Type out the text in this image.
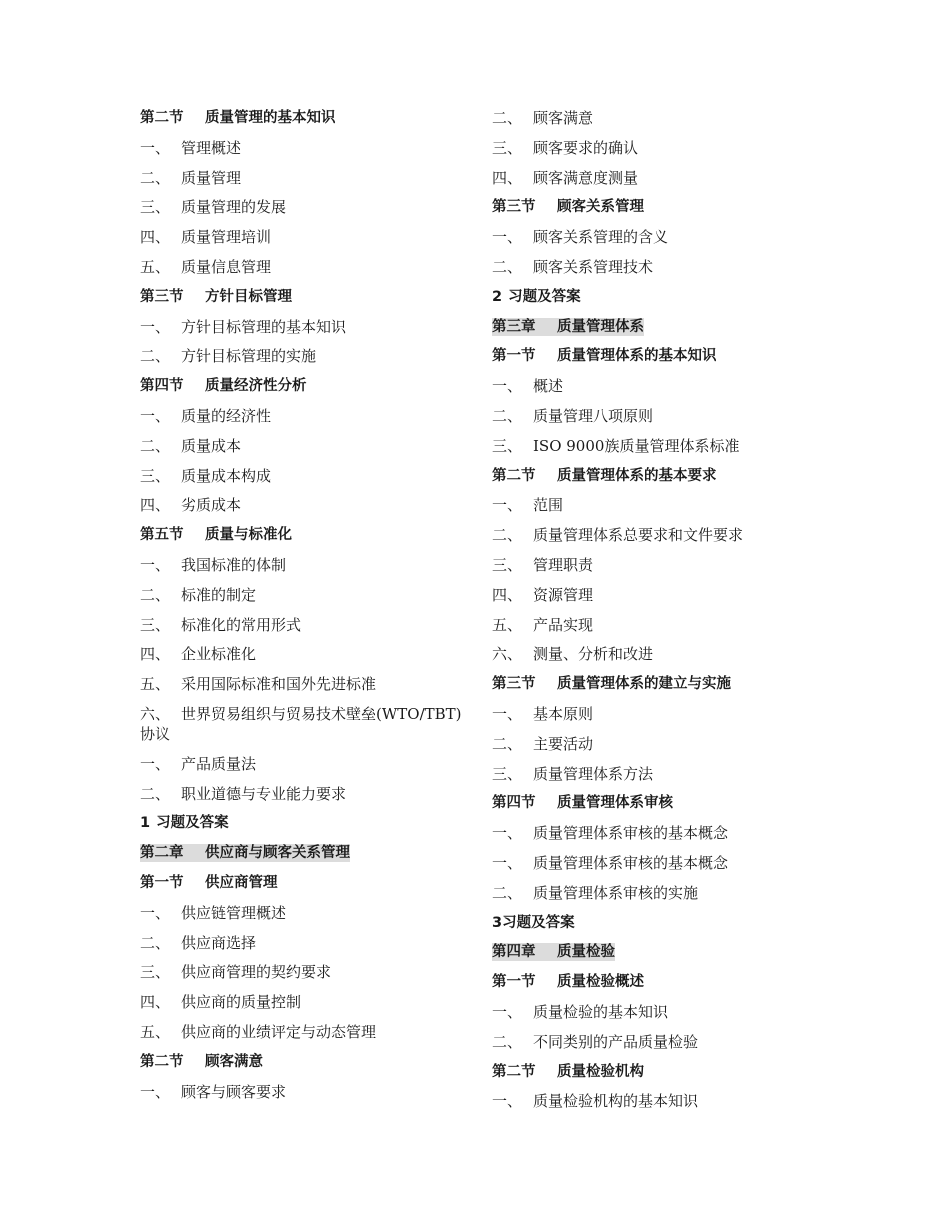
第二节 质量管理的基本知识
一、 管理概述
二、 质量管理
三、 质量管理的发展
四、 质量管理培训
五、 质量信息管理
第三节 方针目标管理
一、 方针目标管理的基本知识
二、 方针目标管理的实施
第四节 质量经济性分析
一、 质量的经济性
二、 质量成本
三、 质量成本构成
四、 劣质成本
第五节 质量与标准化
一、 我国标准的体制
二、 标准的制定
三、 标准化的常用形式
四、 企业标准化
五、 采用国际标准和国外先进标准
六、 世界贸易组织与贸易技术壁垒(WTO/TBT)协议
一、 产品质量法
二、 职业道德与专业能力要求
1 习题及答案
第二章 供应商与顾客关系管理
第一节 供应商管理
一、 供应链管理概述
二、 供应商选择
三、 供应商管理的契约要求
四、 供应商的质量控制
五、 供应商的业绩评定与动态管理
第二节 顾客满意
一、 顾客与顾客要求
二、 顾客满意
三、 顾客要求的确认
四、 顾客满意度测量
第三节 顾客关系管理
一、 顾客关系管理的含义
二、 顾客关系管理技术
2 习题及答案
第三章 质量管理体系
第一节 质量管理体系的基本知识
一、 概述
二、 质量管理八项原则
三、 ISO 9000族质量管理体系标准
第二节 质量管理体系的基本要求
一、 范围
二、 质量管理体系总要求和文件要求
三、 管理职责
四、 资源管理
五、 产品实现
六、 测量、分析和改进
第三节 质量管理体系的建立与实施
一、 基本原则
二、 主要活动
三、 质量管理体系方法
第四节 质量管理体系审核
一、 质量管理体系审核的基本概念
一、 质量管理体系审核的基本概念
二、 质量管理体系审核的实施
3习题及答案
第四章 质量检验
第一节 质量检验概述
一、 质量检验的基本知识
二、 不同类别的产品质量检验
第二节 质量检验机构
一、 质量检验机构的基本知识
